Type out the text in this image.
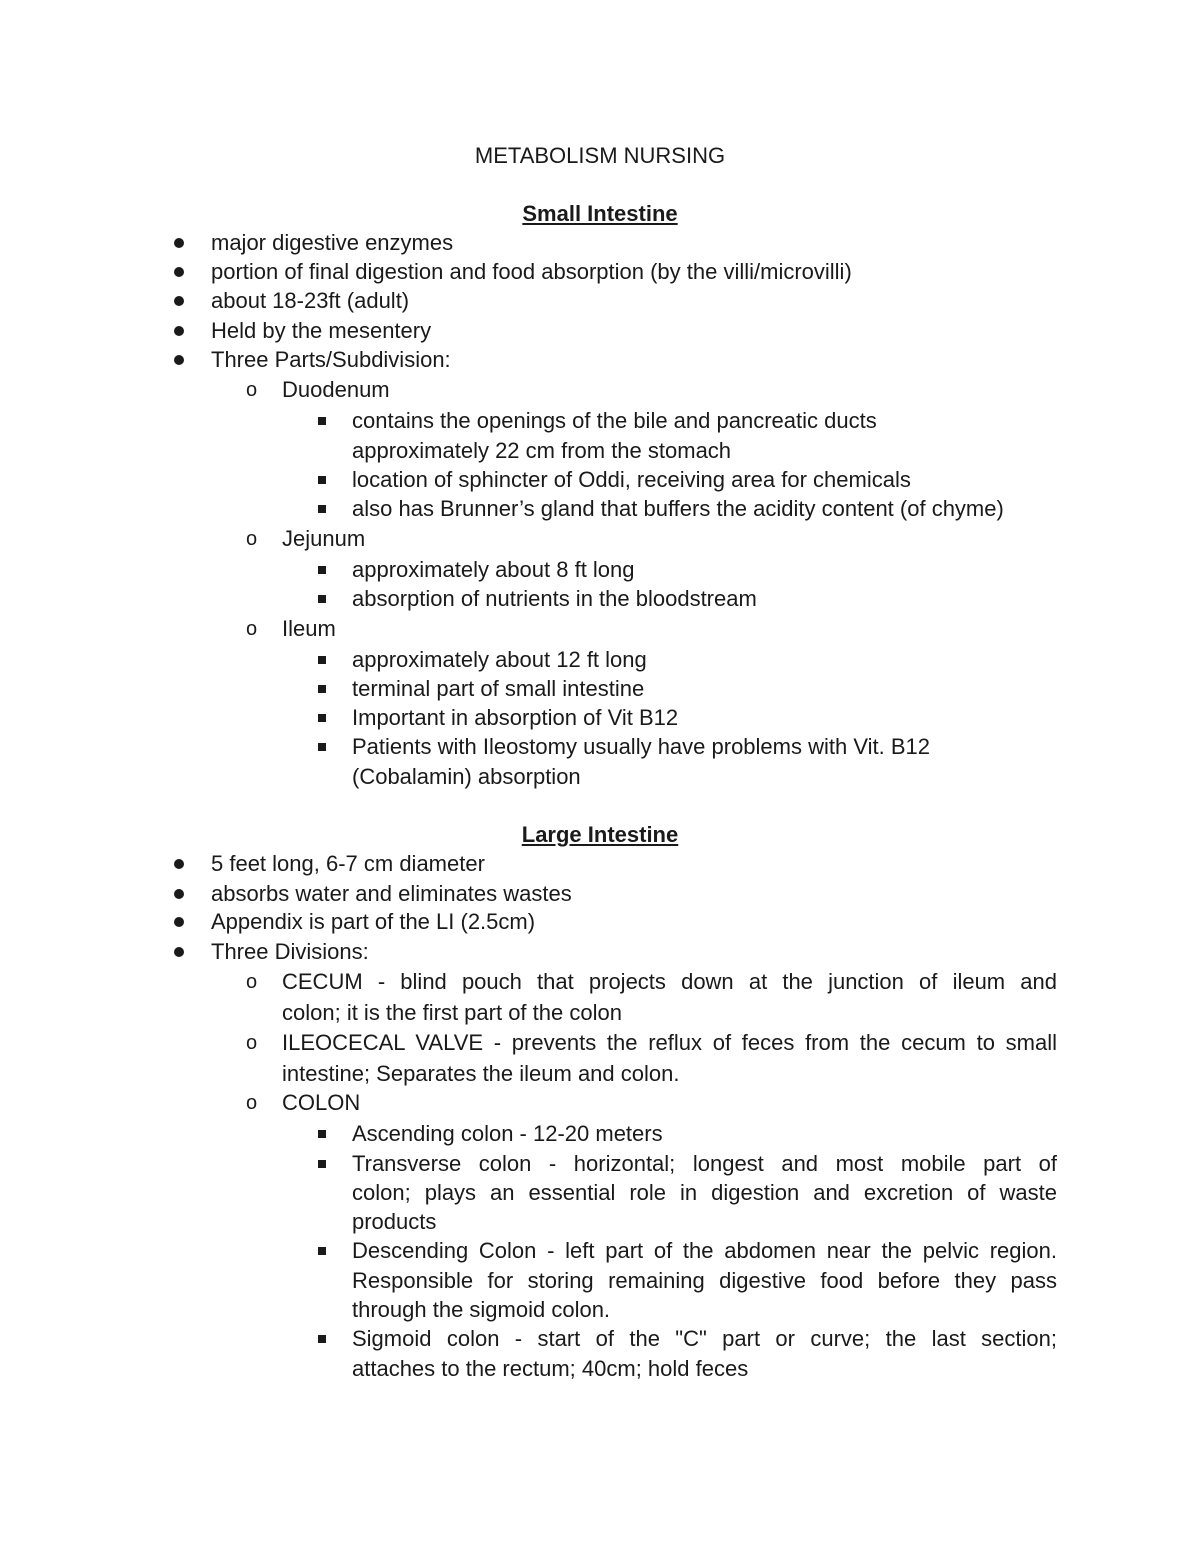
METABOLISM NURSING
Small Intestine
major digestive enzymes
portion of final digestion and food absorption (by the villi/microvilli)
about 18-23ft (adult)
Held by the mesentery
Three Parts/Subdivision:
o Duodenum
contains the openings of the bile and pancreatic ducts
approximately 22 cm from the stomach
location of sphincter of Oddi, receiving area for chemicals
also has Brunner’s gland that buffers the acidity content (of chyme)
o Jejunum
approximately about 8 ft long
absorption of nutrients in the bloodstream
o Ileum
approximately about 12 ft long
terminal part of small intestine
Important in absorption of Vit B12
Patients with Ileostomy usually have problems with Vit. B12
(Cobalamin) absorption
Large Intestine
5 feet long, 6-7 cm diameter
absorbs water and eliminates wastes
Appendix is part of the LI (2.5cm)
Three Divisions:
o CECUM - blind pouch that projects down at the junction of ileum and
colon; it is the first part of the colon
o ILEOCECAL VALVE - prevents the reflux of feces from the cecum to small
intestine; Separates the ileum and colon.
o COLON
Ascending colon - 12-20 meters
Transverse colon - horizontal; longest and most mobile part of
colon; plays an essential role in digestion and excretion of waste
products
Descending Colon - left part of the abdomen near the pelvic region.
Responsible for storing remaining digestive food before they pass
through the sigmoid colon.
Sigmoid colon - start of the "C" part or curve; the last section;
attaches to the rectum; 40cm; hold feces
